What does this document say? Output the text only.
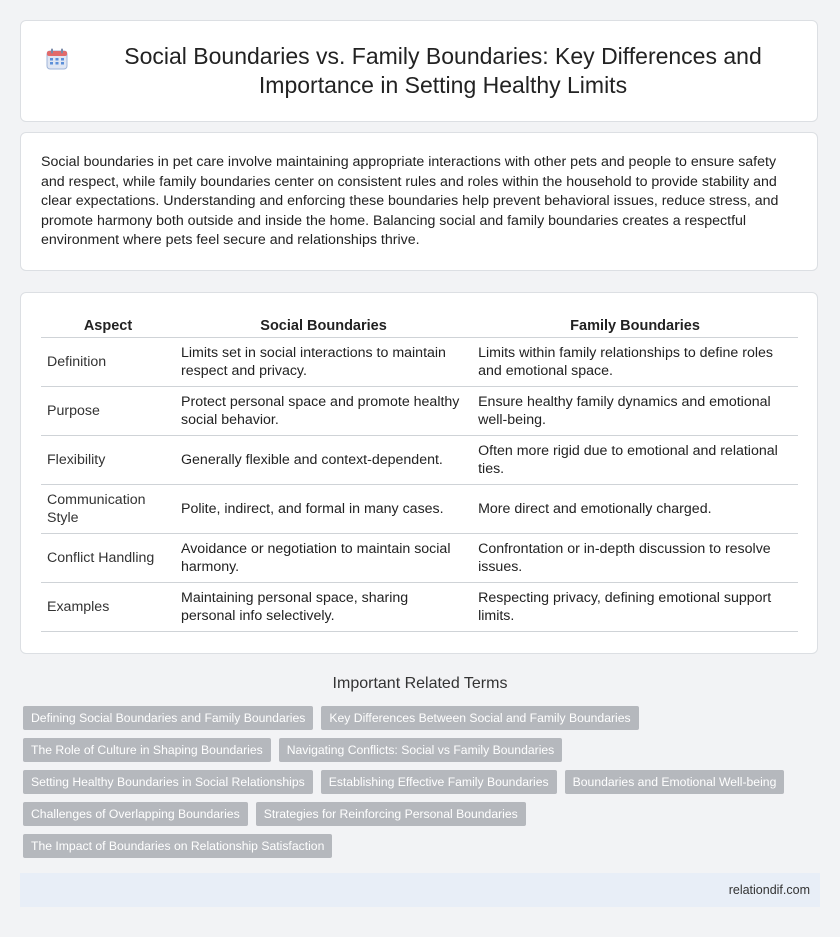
Social Boundaries vs. Family Boundaries: Key Differences and Importance in Setting Healthy Limits

Social boundaries in pet care involve maintaining appropriate interactions with other pets and people to ensure safety and respect, while family boundaries center on consistent rules and roles within the household to provide stability and clear expectations. Understanding and enforcing these boundaries help prevent behavioral issues, reduce stress, and promote harmony both outside and inside the home. Balancing social and family boundaries creates a respectful environment where pets feel secure and relationships thrive.

Aspect	Social Boundaries	Family Boundaries
Definition	Limits set in social interactions to maintain respect and privacy.	Limits within family relationships to define roles and emotional space.
Purpose	Protect personal space and promote healthy social behavior.	Ensure healthy family dynamics and emotional well-being.
Flexibility	Generally flexible and context-dependent.	Often more rigid due to emotional and relational ties.
Communication Style	Polite, indirect, and formal in many cases.	More direct and emotionally charged.
Conflict Handling	Avoidance or negotiation to maintain social harmony.	Confrontation or in-depth discussion to resolve issues.
Examples	Maintaining personal space, sharing personal info selectively.	Respecting privacy, defining emotional support limits.
Important Related Terms
Defining Social Boundaries and Family Boundaries	Key Differences Between Social and Family Boundaries
The Role of Culture in Shaping Boundaries	Navigating Conflicts: Social vs Family Boundaries
Setting Healthy Boundaries in Social Relationships	Establishing Effective Family Boundaries	Boundaries and Emotional Well-being
Challenges of Overlapping Boundaries	Strategies for Reinforcing Personal Boundaries
The Impact of Boundaries on Relationship Satisfaction
relationdif.com
